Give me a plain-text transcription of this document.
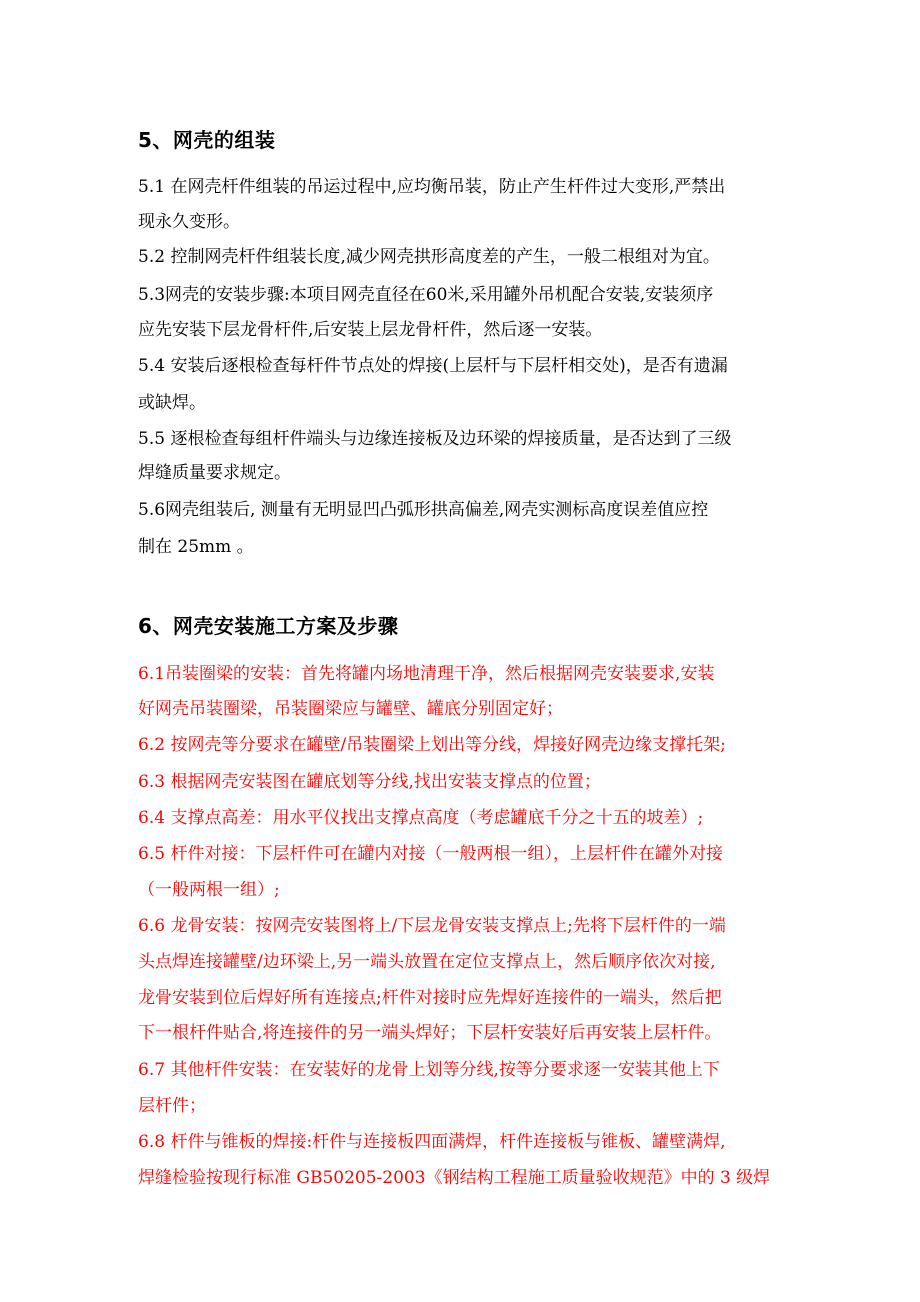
5、网壳的组装
5.1 在网壳杆件组装的吊运过程中,应均衡吊装，防止产生杆件过大变形,严禁出
现永久变形。
5.2 控制网壳杆件组装长度,减少网壳拱形高度差的产生，一般二根组对为宜。
5.3网壳的安装步骤:本项目网壳直径在60米,采用罐外吊机配合安装,安装须序
应先安装下层龙骨杆件,后安装上层龙骨杆件，然后逐一安装。
5.4 安装后逐根检查每杆件节点处的焊接(上层杆与下层杆相交处)，是否有遗漏
或缺焊。
5.5 逐根检查每组杆件端头与边缘连接板及边环梁的焊接质量，是否达到了三级
焊缝质量要求规定。
5.6网壳组装后, 测量有无明显凹凸弧形拱高偏差,网壳实测标高度误差值应控
制在 25mm 。
6、网壳安装施工方案及步骤
6.1吊装圈梁的安装：首先将罐内场地清理干净，然后根据网壳安装要求,安装
好网壳吊装圈梁，吊装圈梁应与罐壁、罐底分别固定好；
6.2 按网壳等分要求在罐壁/吊装圈梁上划出等分线，焊接好网壳边缘支撑托架;
6.3 根据网壳安装图在罐底划等分线,找出安装支撑点的位置；
6.4 支撑点高差：用水平仪找出支撑点高度（考虑罐底千分之十五的坡差）;
6.5 杆件对接：下层杆件可在罐内对接（一般两根一组），上层杆件在罐外对接
（一般两根一组）;
6.6 龙骨安装：按网壳安装图将上/下层龙骨安装支撑点上;先将下层杆件的一端
头点焊连接罐壁/边环梁上,另一端头放置在定位支撑点上，然后顺序依次对接,
龙骨安装到位后焊好所有连接点;杆件对接时应先焊好连接件的一端头，然后把
下一根杆件贴合,将连接件的另一端头焊好；下层杆安装好后再安装上层杆件。
6.7 其他杆件安装：在安装好的龙骨上划等分线,按等分要求逐一安装其他上下
层杆件；
6.8 杆件与锥板的焊接:杆件与连接板四面满焊，杆件连接板与锥板、罐壁满焊,
焊缝检验按现行标准 GB50205-2003《钢结构工程施工质量验收规范》中的 3 级焊
